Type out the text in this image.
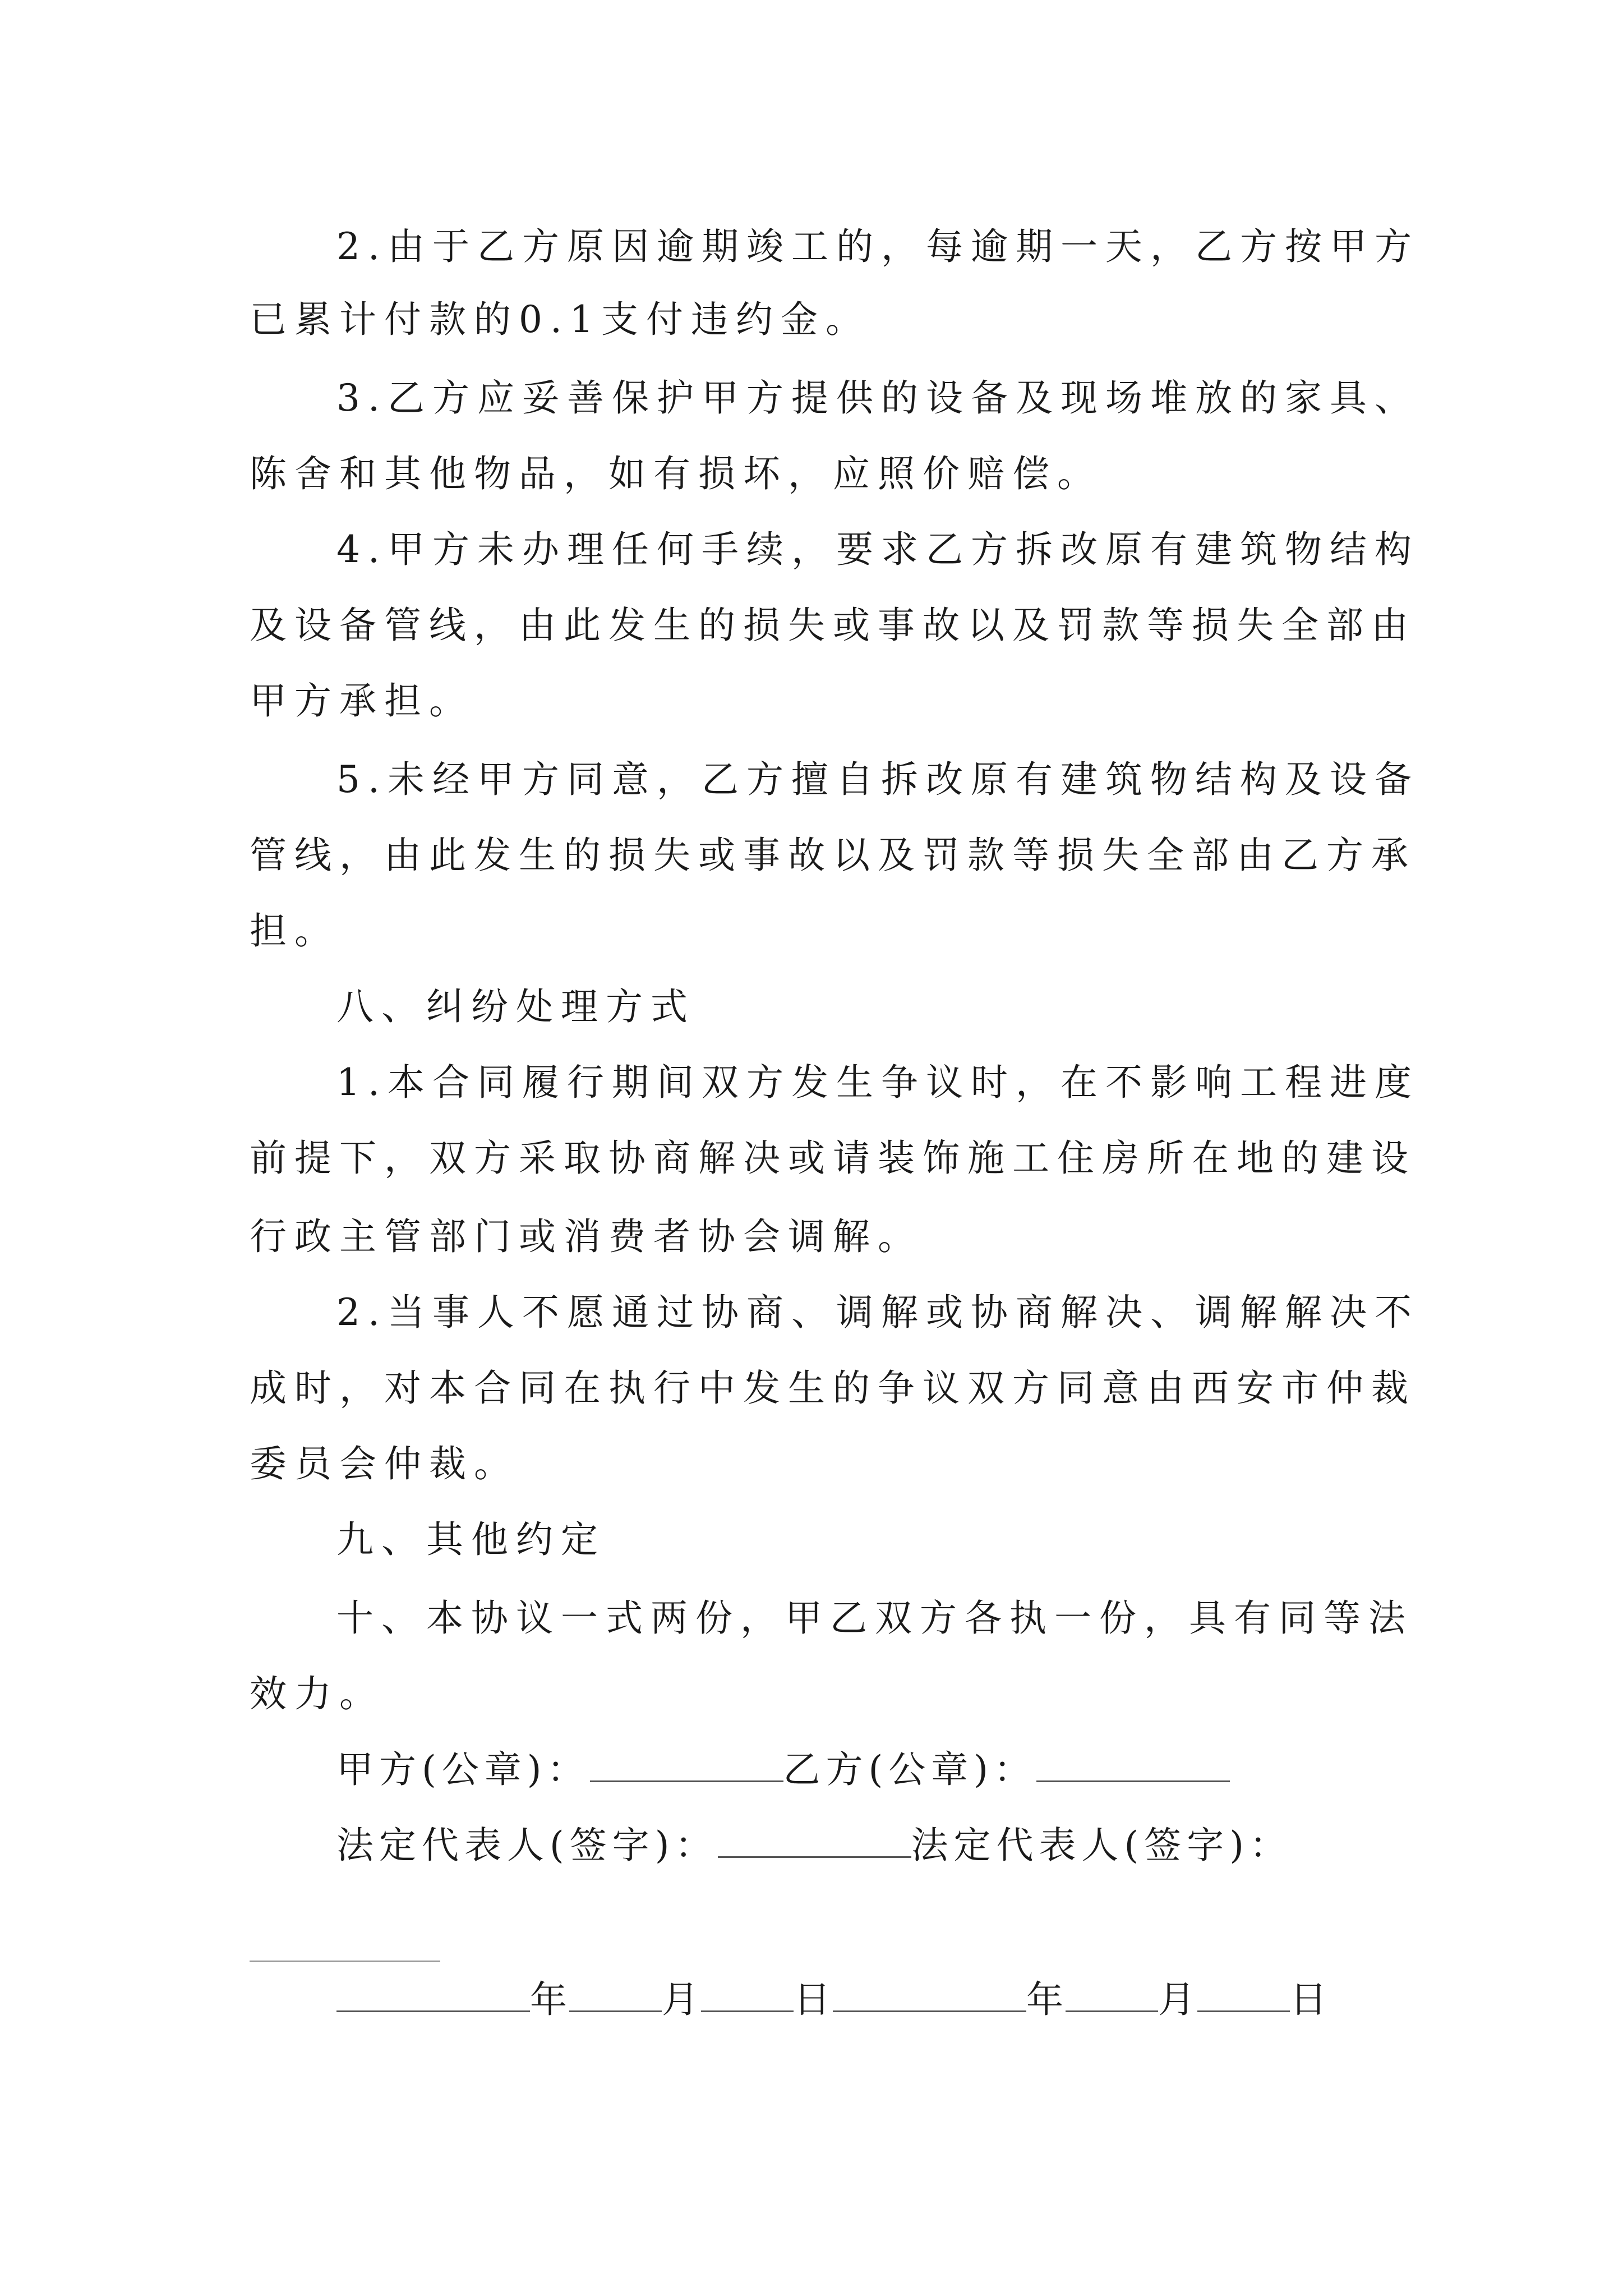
2.由于乙方原因逾期竣工的，每逾期一天，乙方按甲方
已累计付款的0.1支付违约金。
3.乙方应妥善保护甲方提供的设备及现场堆放的家具、
陈舍和其他物品，如有损坏，应照价赔偿。
4.甲方未办理任何手续，要求乙方拆改原有建筑物结构
及设备管线，由此发生的损失或事故以及罚款等损失全部由
甲方承担。
5.未经甲方同意，乙方擅自拆改原有建筑物结构及设备
管线，由此发生的损失或事故以及罚款等损失全部由乙方承
担。
八、纠纷处理方式
1.本合同履行期间双方发生争议时，在不影响工程进度
前提下，双方采取协商解决或请装饰施工住房所在地的建设
行政主管部门或消费者协会调解。
2.当事人不愿通过协商、调解或协商解决、调解解决不
成时，对本合同在执行中发生的争议双方同意由西安市仲裁
委员会仲裁。
九、其他约定
十、本协议一式两份，甲乙双方各执一份，具有同等法
效力。
甲方(公章)：	乙方(公章)：
法定代表人(签字)：	法定代表人(签字)：
年	月	日	年	月	日
